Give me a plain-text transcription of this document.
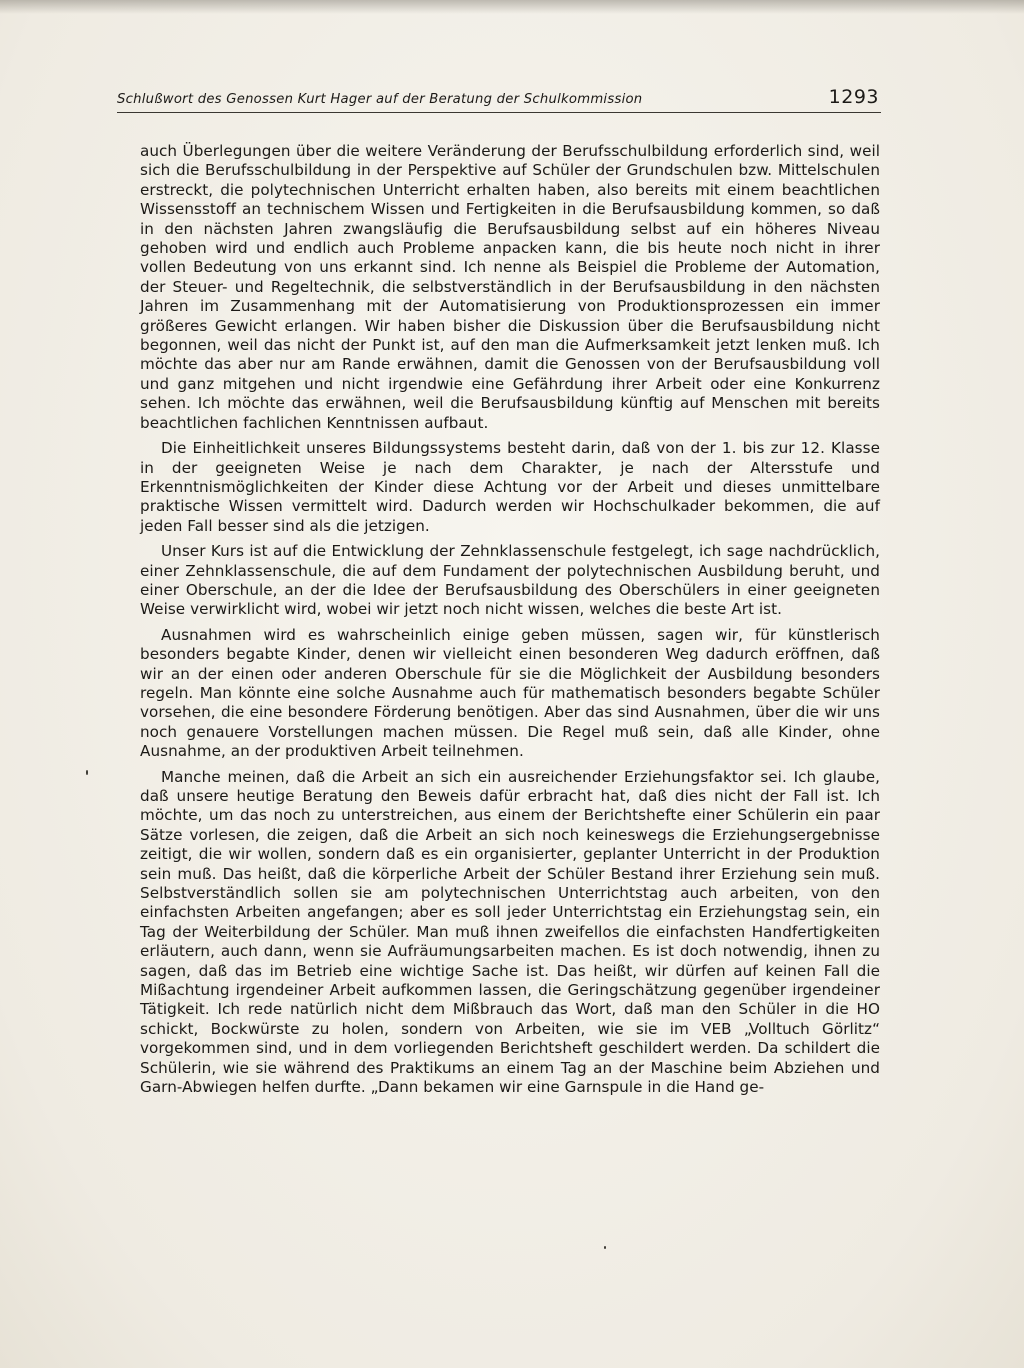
Schlußwort des Genossen Kurt Hager auf der Beratung der Schulkommission	1293

auch Überlegungen über die weitere Veränderung der Berufsschulbildung erforderlich sind, weil sich die Berufsschulbildung in der Perspektive auf Schüler der Grundschulen bzw. Mittelschulen erstreckt, die polytechnischen Unterricht erhalten haben, also bereits mit einem beachtlichen Wissensstoff an technischem Wissen und Fertigkeiten in die Berufsausbildung kommen, so daß in den nächsten Jahren zwangsläufig die Berufsausbildung selbst auf ein höheres Niveau gehoben wird und endlich auch Probleme anpacken kann, die bis heute noch nicht in ihrer vollen Bedeutung von uns erkannt sind. Ich nenne als Beispiel die Probleme der Automation, der Steuer- und Regeltechnik, die selbstverständlich in der Berufsausbildung in den nächsten Jahren im Zusammenhang mit der Automatisierung von Produktionsprozessen ein immer größeres Gewicht erlangen. Wir haben bisher die Diskussion über die Berufsausbildung nicht begonnen, weil das nicht der Punkt ist, auf den man die Aufmerksamkeit jetzt lenken muß. Ich möchte das aber nur am Rande erwähnen, damit die Genossen von der Berufsausbildung voll und ganz mitgehen und nicht irgendwie eine Gefährdung ihrer Arbeit oder eine Konkurrenz sehen. Ich möchte das erwähnen, weil die Berufsausbildung künftig auf Menschen mit bereits beachtlichen fachlichen Kenntnissen aufbaut.

Die Einheitlichkeit unseres Bildungssystems besteht darin, daß von der 1. bis zur 12. Klasse in der geeigneten Weise je nach dem Charakter, je nach der Altersstufe und Erkenntnismöglichkeiten der Kinder diese Achtung vor der Arbeit und dieses unmittelbare praktische Wissen vermittelt wird. Dadurch werden wir Hochschulkader bekommen, die auf jeden Fall besser sind als die jetzigen.

Unser Kurs ist auf die Entwicklung der Zehnklassenschule festgelegt, ich sage nachdrücklich, einer Zehnklassenschule, die auf dem Fundament der polytechnischen Ausbildung beruht, und einer Oberschule, an der die Idee der Berufsausbildung des Oberschülers in einer geeigneten Weise verwirklicht wird, wobei wir jetzt noch nicht wissen, welches die beste Art ist.

Ausnahmen wird es wahrscheinlich einige geben müssen, sagen wir, für künstlerisch besonders begabte Kinder, denen wir vielleicht einen besonderen Weg dadurch eröffnen, daß wir an der einen oder anderen Oberschule für sie die Möglichkeit der Ausbildung besonders regeln. Man könnte eine solche Ausnahme auch für mathematisch besonders begabte Schüler vorsehen, die eine besondere Förderung benötigen. Aber das sind Ausnahmen, über die wir uns noch genauere Vorstellungen machen müssen. Die Regel muß sein, daß alle Kinder, ohne Ausnahme, an der produktiven Arbeit teilnehmen.

Manche meinen, daß die Arbeit an sich ein ausreichender Erziehungsfaktor sei. Ich glaube, daß unsere heutige Beratung den Beweis dafür erbracht hat, daß dies nicht der Fall ist. Ich möchte, um das noch zu unterstreichen, aus einem der Berichtshefte einer Schülerin ein paar Sätze vorlesen, die zeigen, daß die Arbeit an sich noch keineswegs die Erziehungsergebnisse zeitigt, die wir wollen, sondern daß es ein organisierter, geplanter Unterricht in der Produktion sein muß. Das heißt, daß die körperliche Arbeit der Schüler Bestand ihrer Erziehung sein muß. Selbstverständlich sollen sie am polytechnischen Unterrichtstag auch arbeiten, von den einfachsten Arbeiten angefangen; aber es soll jeder Unterrichtstag ein Erziehungstag sein, ein Tag der Weiterbildung der Schüler. Man muß ihnen zweifellos die einfachsten Handfertigkeiten erläutern, auch dann, wenn sie Aufräumungsarbeiten machen. Es ist doch notwendig, ihnen zu sagen, daß das im Betrieb eine wichtige Sache ist. Das heißt, wir dürfen auf keinen Fall die Mißachtung irgendeiner Arbeit aufkommen lassen, die Geringschätzung gegenüber irgendeiner Tätigkeit. Ich rede natürlich nicht dem Mißbrauch das Wort, daß man den Schüler in die HO schickt, Bockwürste zu holen, sondern von Arbeiten, wie sie im VEB „Volltuch Görlitz“ vorgekommen sind, und in dem vorliegenden Berichtsheft geschildert werden. Da schildert die Schülerin, wie sie während des Praktikums an einem Tag an der Maschine beim Abziehen und Garn-Abwiegen helfen durfte. „Dann bekamen wir eine Garnspule in die Hand ge-
